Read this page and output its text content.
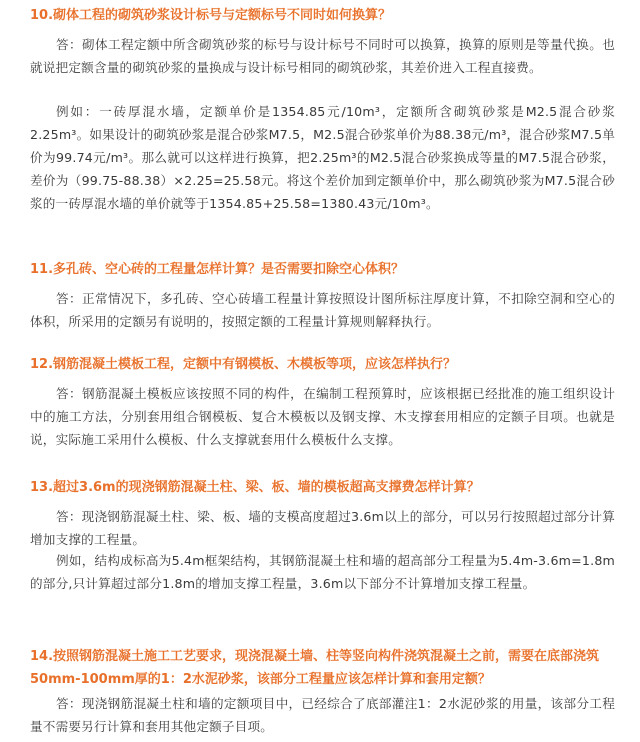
10.砌体工程的砌筑砂浆设计标号与定额标号不同时如何换算？

答：砌体工程定额中所含砌筑砂浆的标号与设计标号不同时可以换算，换算的原则是等量代换。也就说把定额含量的砌筑砂浆的量换成与设计标号相同的砌筑砂浆，其差价进入工程直接费。

例如：一砖厚混水墙，定额单价是1354.85元/10m³，定额所含砌筑砂浆是M2.5混合砂浆2.25m³。如果设计的砌筑砂浆是混合砂浆M7.5，M2.5混合砂浆单价为88.38元/m³，混合砂浆M7.5单价为99.74元/m³。那么就可以这样进行换算，把2.25m³的M2.5混合砂浆换成等量的M7.5混合砂浆，差价为（99.75-88.38）×2.25=25.58元。将这个差价加到定额单价中，那么砌筑砂浆为M7.5混合砂浆的一砖厚混水墙的单价就等于1354.85+25.58=1380.43元/10m³。

11.多孔砖、空心砖的工程量怎样计算？是否需要扣除空心体积？

答：正常情况下，多孔砖、空心砖墙工程量计算按照设计图所标注厚度计算，不扣除空洞和空心的体积，所采用的定额另有说明的，按照定额的工程量计算规则解释执行。

12.钢筋混凝土模板工程，定额中有钢模板、木模板等项，应该怎样执行？

答：钢筋混凝土模板应该按照不同的构件，在编制工程预算时，应该根据已经批准的施工组织设计中的施工方法，分别套用组合钢模板、复合木模板以及钢支撑、木支撑套用相应的定额子目项。也就是说，实际施工采用什么模板、什么支撑就套用什么模板什么支撑。

13.超过3.6m的现浇钢筋混凝土柱、梁、板、墙的模板超高支撑费怎样计算？

答：现浇钢筋混凝土柱、梁、板、墙的支模高度超过3.6m以上的部分，可以另行按照超过部分计算增加支撑的工程量。

例如，结构成标高为5.4m框架结构，其钢筋混凝土柱和墙的超高部分工程量为5.4m-3.6m=1.8m的部分,只计算超过部分1.8m的增加支撑工程量，3.6m以下部分不计算增加支撑工程量。

14.按照钢筋混凝土施工工艺要求，现浇混凝土墙、柱等竖向构件浇筑混凝土之前，需要在底部浇筑50mm-100mm厚的1：2水泥砂浆，该部分工程量应该怎样计算和套用定额？

答：现浇钢筋混凝土柱和墙的定额项目中，已经综合了底部灌注1：2水泥砂浆的用量，该部分工程量不需要另行计算和套用其他定额子目项。
